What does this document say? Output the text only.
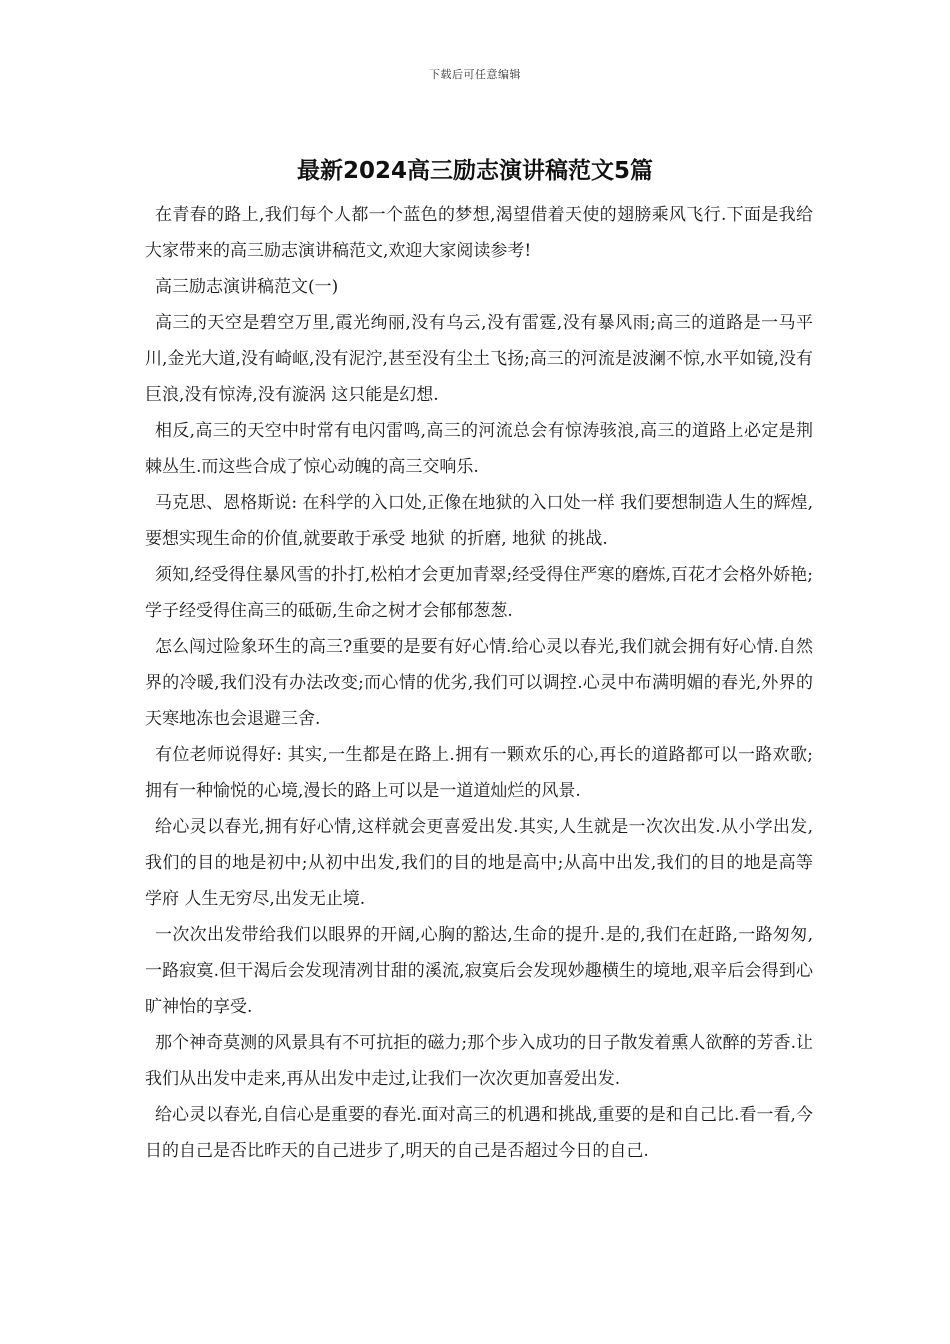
下载后可任意编辑
最新2024高三励志演讲稿范文5篇

在青春的路上,我们每个人都一个蓝色的梦想,渴望借着天使的翅膀乘风飞行.下面是我给大家带来的高三励志演讲稿范文,欢迎大家阅读参考!

高三励志演讲稿范文(一)

高三的天空是碧空万里,霞光绚丽,没有乌云,没有雷霆,没有暴风雨;高三的道路是一马平川,金光大道,没有崎岖,没有泥泞,甚至没有尘土飞扬;高三的河流是波澜不惊,水平如镜,没有巨浪,没有惊涛,没有漩涡 这只能是幻想.

相反,高三的天空中时常有电闪雷鸣,高三的河流总会有惊涛骇浪,高三的道路上必定是荆棘丛生.而这些合成了惊心动魄的高三交响乐.

马克思、恩格斯说: 在科学的入口处,正像在地狱的入口处一样 我们要想制造人生的辉煌,要想实现生命的价值,就要敢于承受 地狱 的折磨, 地狱 的挑战.

须知,经受得住暴风雪的扑打,松柏才会更加青翠;经受得住严寒的磨炼,百花才会格外娇艳;学子经受得住高三的砥砺,生命之树才会郁郁葱葱.

怎么闯过险象环生的高三?重要的是要有好心情.给心灵以春光,我们就会拥有好心情.自然界的冷暖,我们没有办法改变;而心情的优劣,我们可以调控.心灵中布满明媚的春光,外界的天寒地冻也会退避三舍.

有位老师说得好: 其实,一生都是在路上.拥有一颗欢乐的心,再长的道路都可以一路欢歌;拥有一种愉悦的心境,漫长的路上可以是一道道灿烂的风景.

给心灵以春光,拥有好心情,这样就会更喜爱出发.其实,人生就是一次次出发.从小学出发,我们的目的地是初中;从初中出发,我们的目的地是高中;从高中出发,我们的目的地是高等学府 人生无穷尽,出发无止境.

一次次出发带给我们以眼界的开阔,心胸的豁达,生命的提升.是的,我们在赶路,一路匆匆,一路寂寞.但干渴后会发现清冽甘甜的溪流,寂寞后会发现妙趣横生的境地,艰辛后会得到心旷神怡的享受.

那个神奇莫测的风景具有不可抗拒的磁力;那个步入成功的日子散发着熏人欲醉的芳香.让我们从出发中走来,再从出发中走过,让我们一次次更加喜爱出发.

给心灵以春光,自信心是重要的春光.面对高三的机遇和挑战,重要的是和自己比.看一看,今日的自己是否比昨天的自己进步了,明天的自己是否超过今日的自己.
